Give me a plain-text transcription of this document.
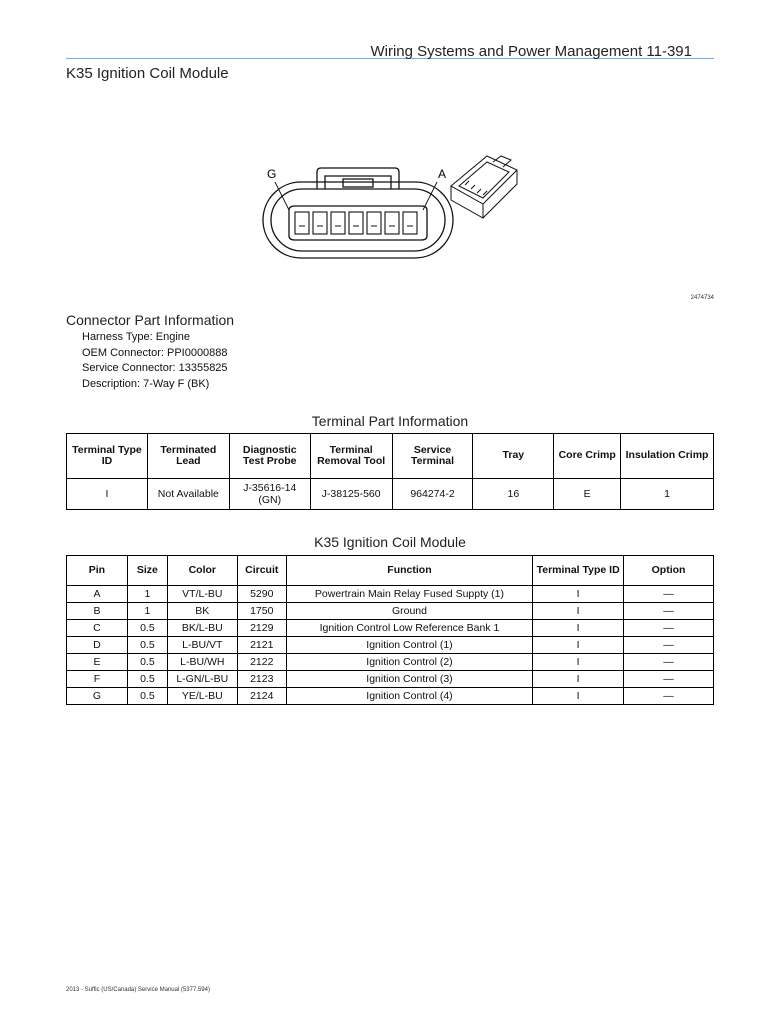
Wiring Systems and Power Management 11-391
K35 Ignition Coil Module
G	A
2474734
Connector Part Information
Harness Type: Engine
OEM Connector: PPI0000888
Service Connector: 13355825
Description: 7-Way F (BK)
Terminal Part Information
Terminal Type ID	Terminated Lead	Diagnostic Test Probe	Terminal Removal Tool	Service Terminal	Tray	Core Crimp	Insulation Crimp
I	Not Available	J-35616-14 (GN)	J-38125-560	964274-2	16	E	1
K35 Ignition Coil Module
Pin	Size	Color	Circuit	Function	Terminal Type ID	Option
A	1	VT/L-BU	5290	Powertrain Main Relay Fused Suppty (1)	I	—
B	1	BK	1750	Ground	I	—
C	0.5	BK/L-BU	2129	Ignition Control Low Reference Bank 1	I	—
D	0.5	L-BU/VT	2121	Ignition Control (1)	I	—
E	0.5	L-BU/WH	2122	Ignition Control (2)	I	—
F	0.5	L-GN/L-BU	2123	Ignition Control (3)	I	—
G	0.5	YE/L-BU	2124	Ignition Control (4)	I	—
2013 - Suffic (US/Canada) Service Manual (5377.594)
